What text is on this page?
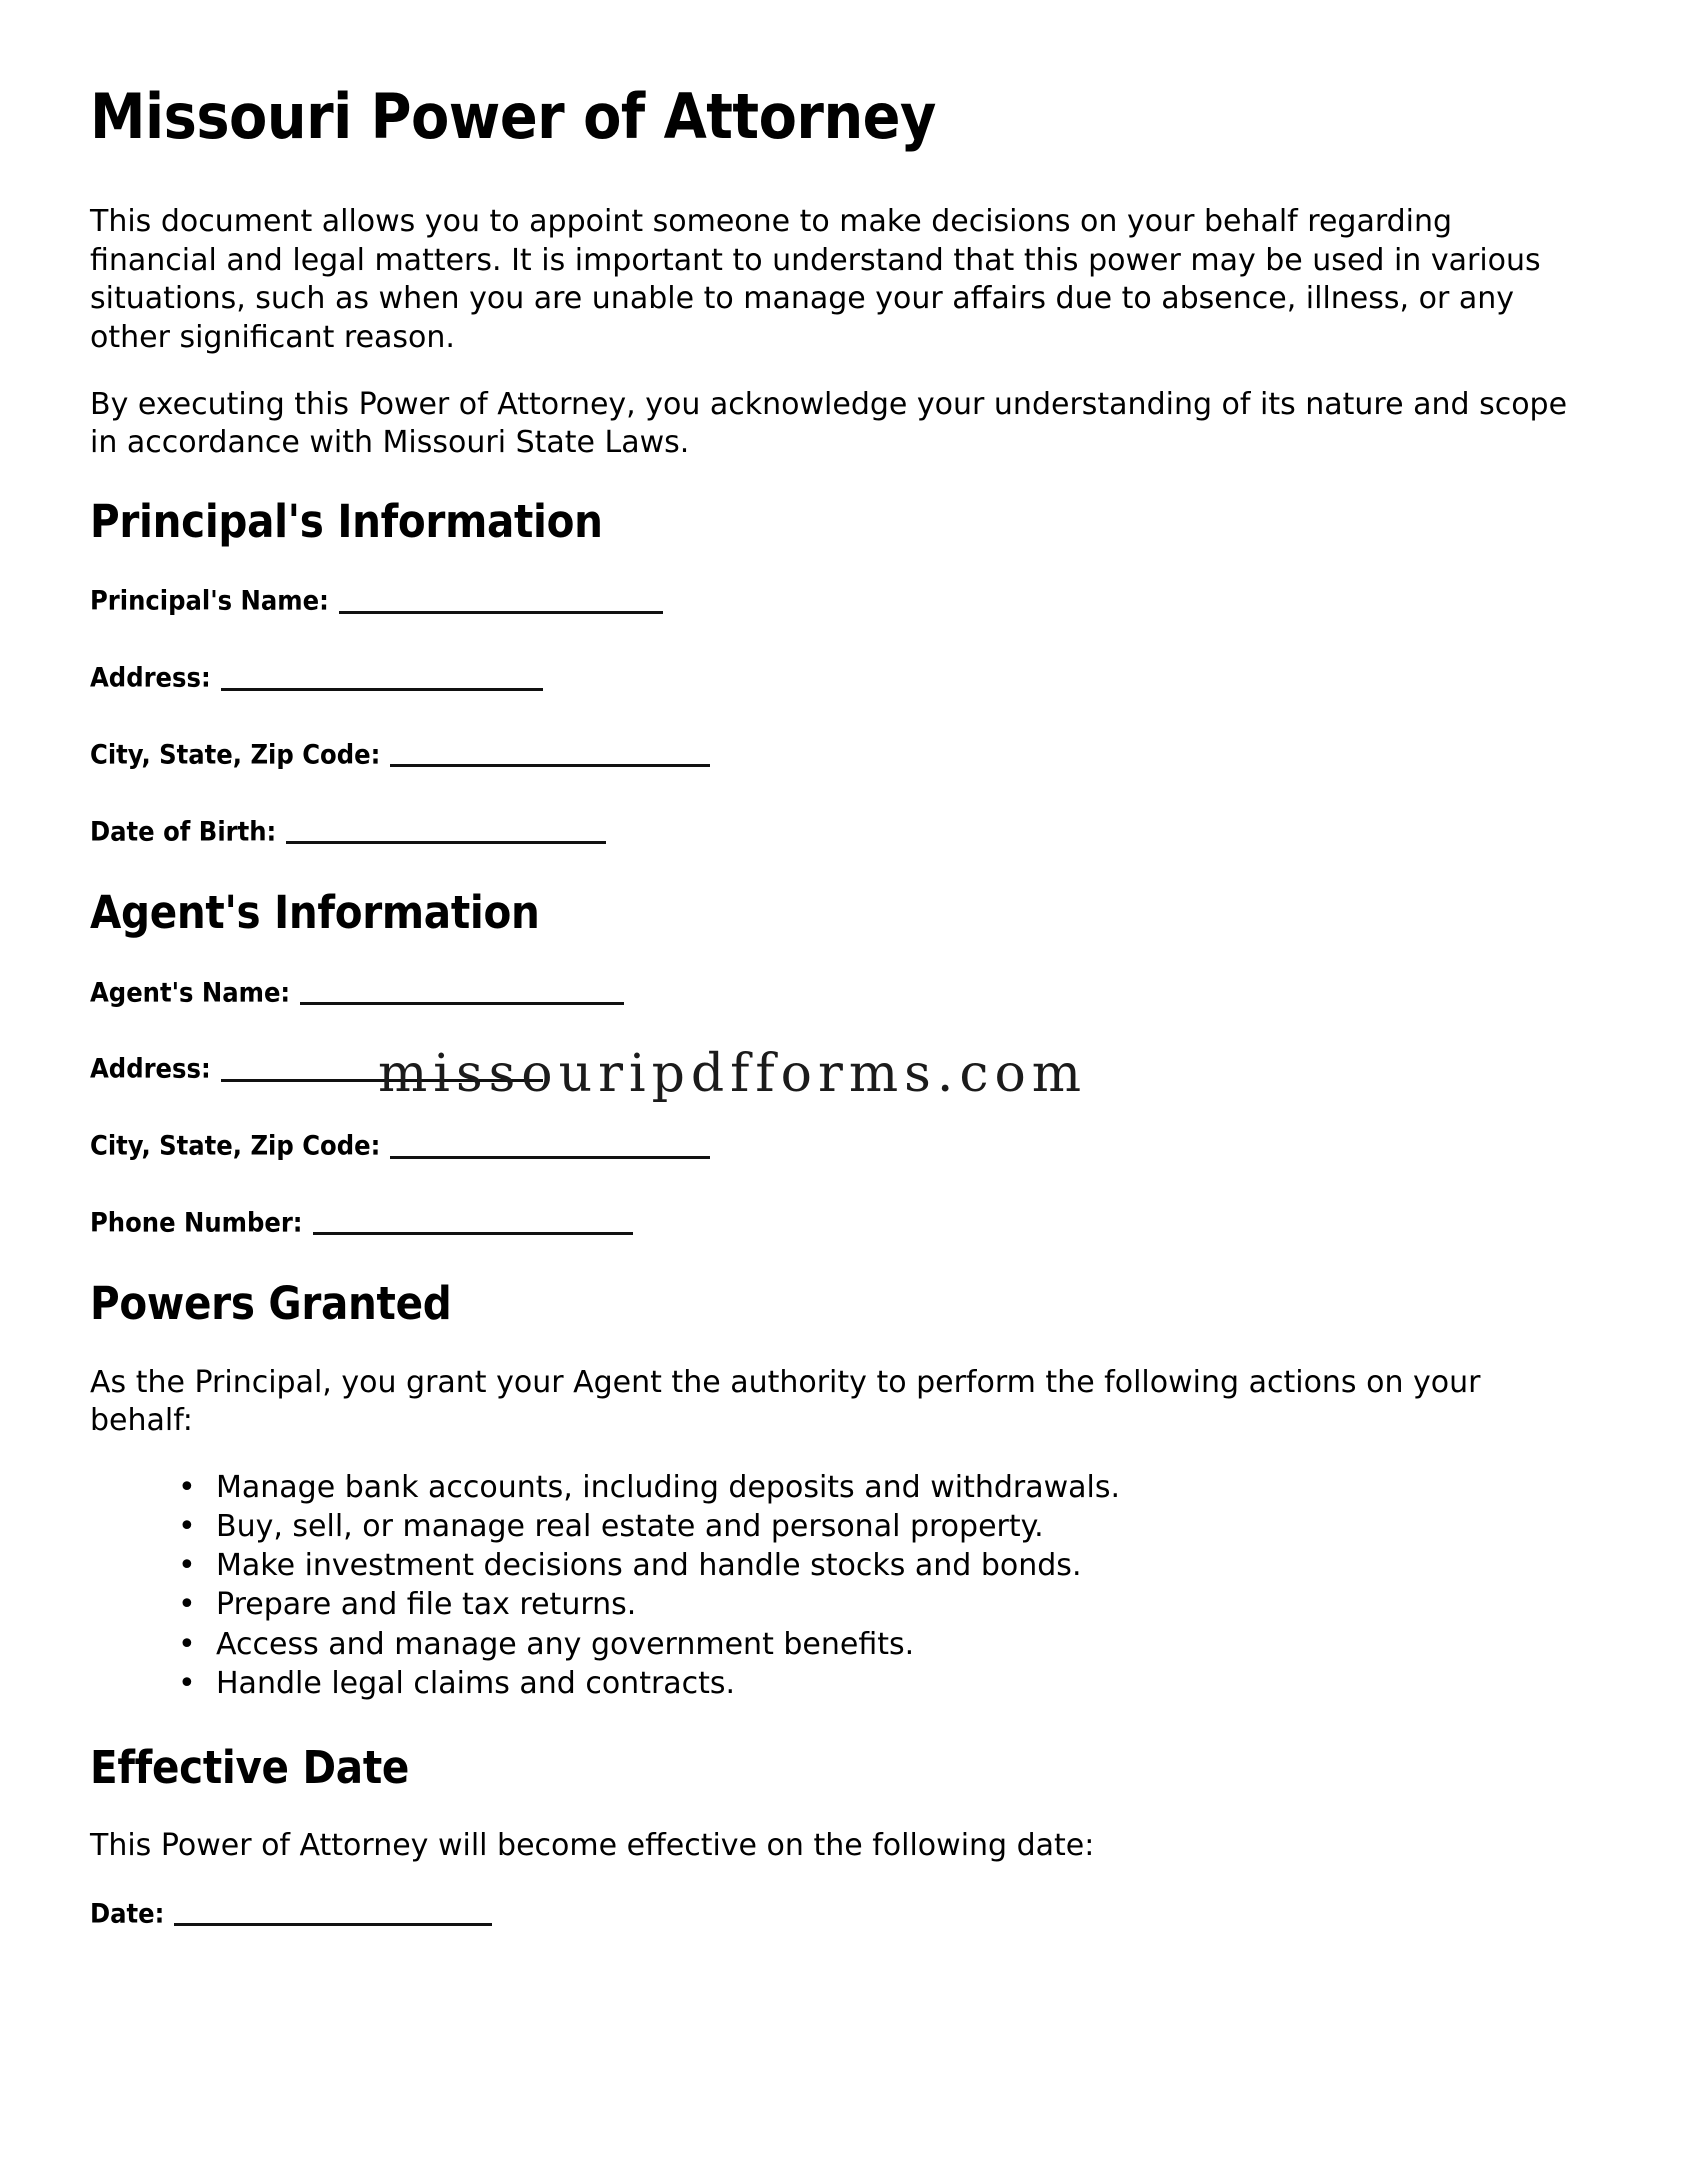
Missouri Power of Attorney

This document allows you to appoint someone to make decisions on your behalf regarding financial and legal matters. It is important to understand that this power may be used in various situations, such as when you are unable to manage your affairs due to absence, illness, or any other significant reason.

By executing this Power of Attorney, you acknowledge your understanding of its nature and scope in accordance with Missouri State Laws.

Principal's Information
Principal's Name:
Address:
City, State, Zip Code:
Date of Birth:
Agent's Information
Agent's Name:
Address:
City, State, Zip Code:
Phone Number:
Powers Granted

As the Principal, you grant your Agent the authority to perform the following actions on your behalf:

• Manage bank accounts, including deposits and withdrawals.
• Buy, sell, or manage real estate and personal property.
• Make investment decisions and handle stocks and bonds.
• Prepare and file tax returns.
• Access and manage any government benefits.
• Handle legal claims and contracts.
Effective Date

This Power of Attorney will become effective on the following date:

Date:
missouripdfforms.com
